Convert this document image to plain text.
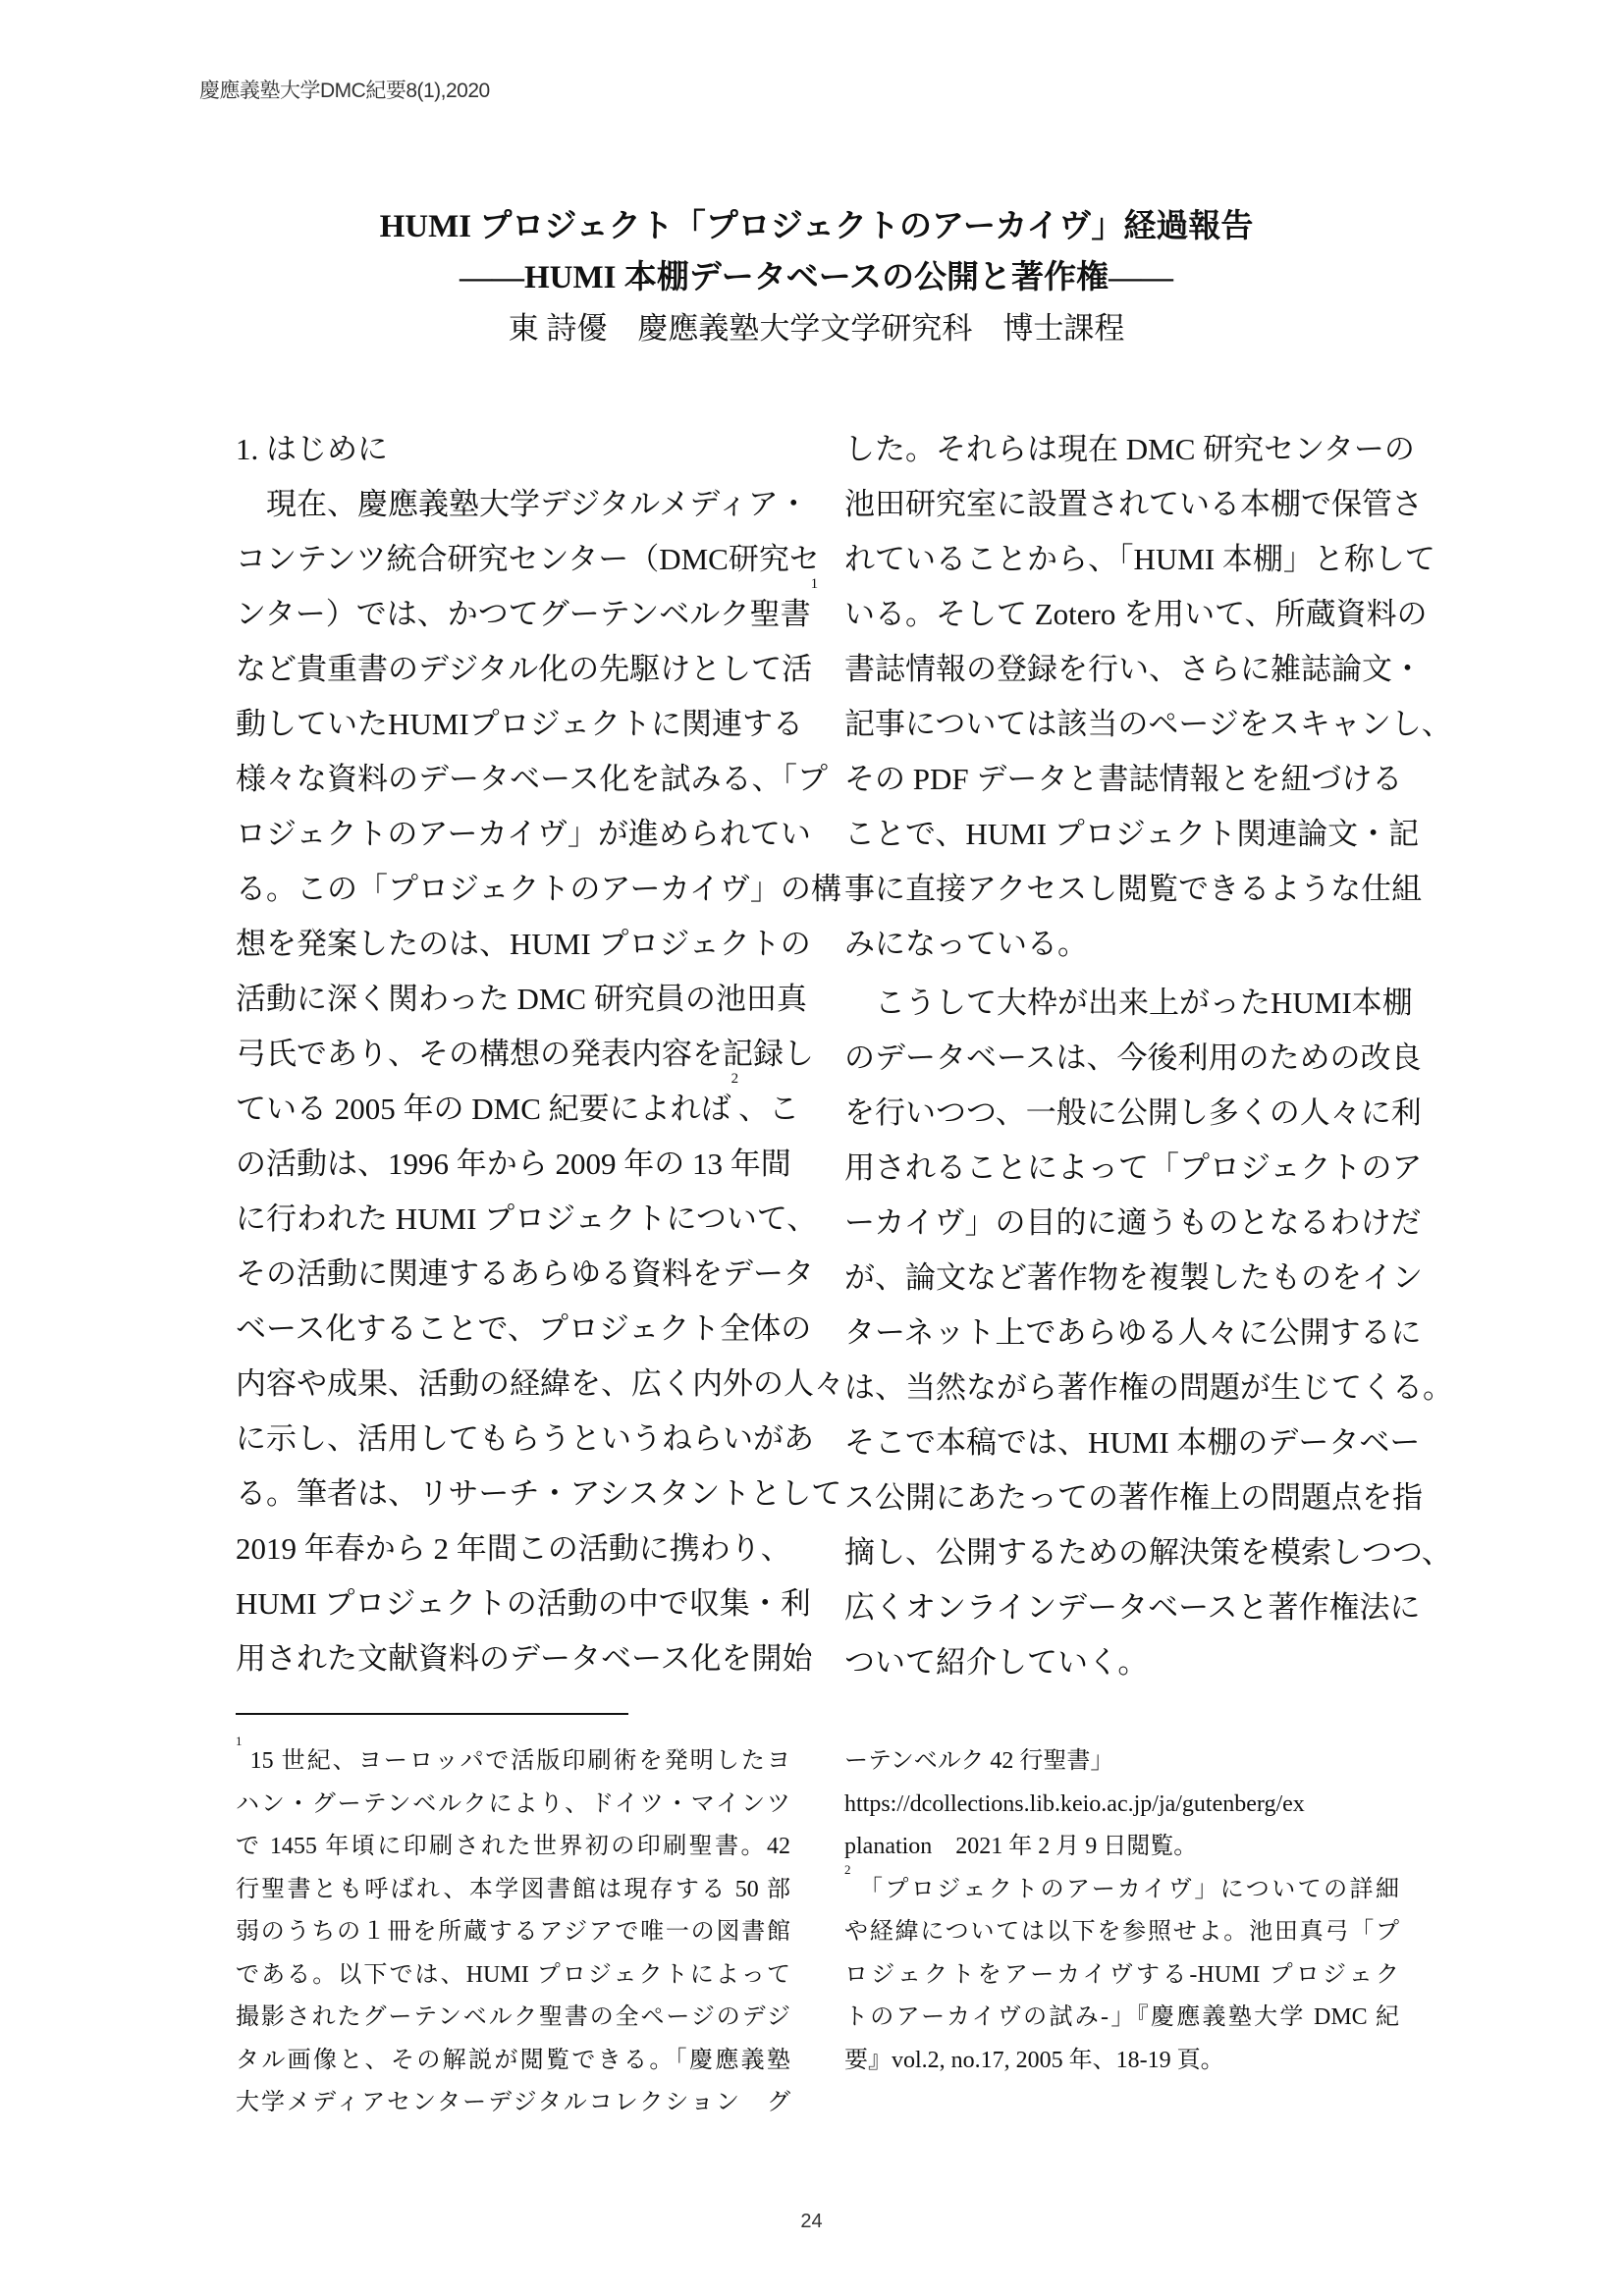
慶應義塾大学DMC紀要8(1),2020
HUMI プロジェクト「プロジェクトのアーカイヴ」経過報告
――HUMI 本棚データベースの公開と著作権――
東 詩優　慶應義塾大学文学研究科　博士課程
1. はじめに
　現在、慶應義塾大学デジタルメディア・
コンテンツ統合研究センター（DMC研究セ
ンター）では、かつてグーテンベルク聖書$^1$
など貴重書のデジタル化の先駆けとして活
動していたHUMIプロジェクトに関連する
様々な資料のデータベース化を試みる、「プ
ロジェクトのアーカイヴ」が進められてい
る。この「プロジェクトのアーカイヴ」の構
想を発案したのは、HUMI プロジェクトの
活動に深く関わった DMC 研究員の池田真
弓氏であり、その構想の発表内容を記録し
ている 2005 年の DMC 紀要によれば$^2$、こ
の活動は、1996 年から 2009 年の 13 年間
に行われた HUMI プロジェクトについて、
その活動に関連するあらゆる資料をデータ
ベース化することで、プロジェクト全体の
内容や成果、活動の経緯を、広く内外の人々
に示し、活用してもらうというねらいがあ
る。筆者は、リサーチ・アシスタントとして
2019 年春から 2 年間この活動に携わり、
HUMI プロジェクトの活動の中で収集・利
用された文献資料のデータベース化を開始
した。それらは現在 DMC 研究センターの
池田研究室に設置されている本棚で保管さ
れていることから、「HUMI 本棚」と称して
いる。そして Zotero を用いて、所蔵資料の
書誌情報の登録を行い、さらに雑誌論文・
記事については該当のページをスキャンし、
その PDF データと書誌情報とを紐づける
ことで、HUMI プロジェクト関連論文・記
事に直接アクセスし閲覧できるような仕組
みになっている。
　こうして大枠が出来上がったHUMI本棚
のデータベースは、今後利用のための改良
を行いつつ、一般に公開し多くの人々に利
用されることによって「プロジェクトのア
ーカイヴ」の目的に適うものとなるわけだ
が、論文など著作物を複製したものをイン
ターネット上であらゆる人々に公開するに
は、当然ながら著作権の問題が生じてくる。
そこで本稿では、HUMI 本棚のデータベー
ス公開にあたっての著作権上の問題点を指
摘し、公開するための解決策を模索しつつ、
広くオンラインデータベースと著作権法に
ついて紹介していく。
$^1$ 15 世紀、ヨーロッパで活版印刷術を発明したヨ
ハン・グーテンベルクにより、ドイツ・マインツ
で 1455 年頃に印刷された世界初の印刷聖書。42
行聖書とも呼ばれ、本学図書館は現存する 50 部
弱のうちの１冊を所蔵するアジアで唯一の図書館
である。以下では、HUMI プロジェクトによって
撮影されたグーテンベルク聖書の全ページのデジ
タル画像と、その解説が閲覧できる。「慶應義塾
大学メディアセンターデジタルコレクション　グ
ーテンベルク 42 行聖書」
https://dcollections.lib.keio.ac.jp/ja/gutenberg/ex
planation　2021 年 2 月 9 日閲覧。
$^2$ 「プロジェクトのアーカイヴ」についての詳細
や経緯については以下を参照せよ。池田真弓「プ
ロジェクトをアーカイヴする-HUMI プロジェク
トのアーカイヴの試み-」『慶應義塾大学 DMC 紀
要』vol.2, no.17, 2005 年、18-19 頁。
24
